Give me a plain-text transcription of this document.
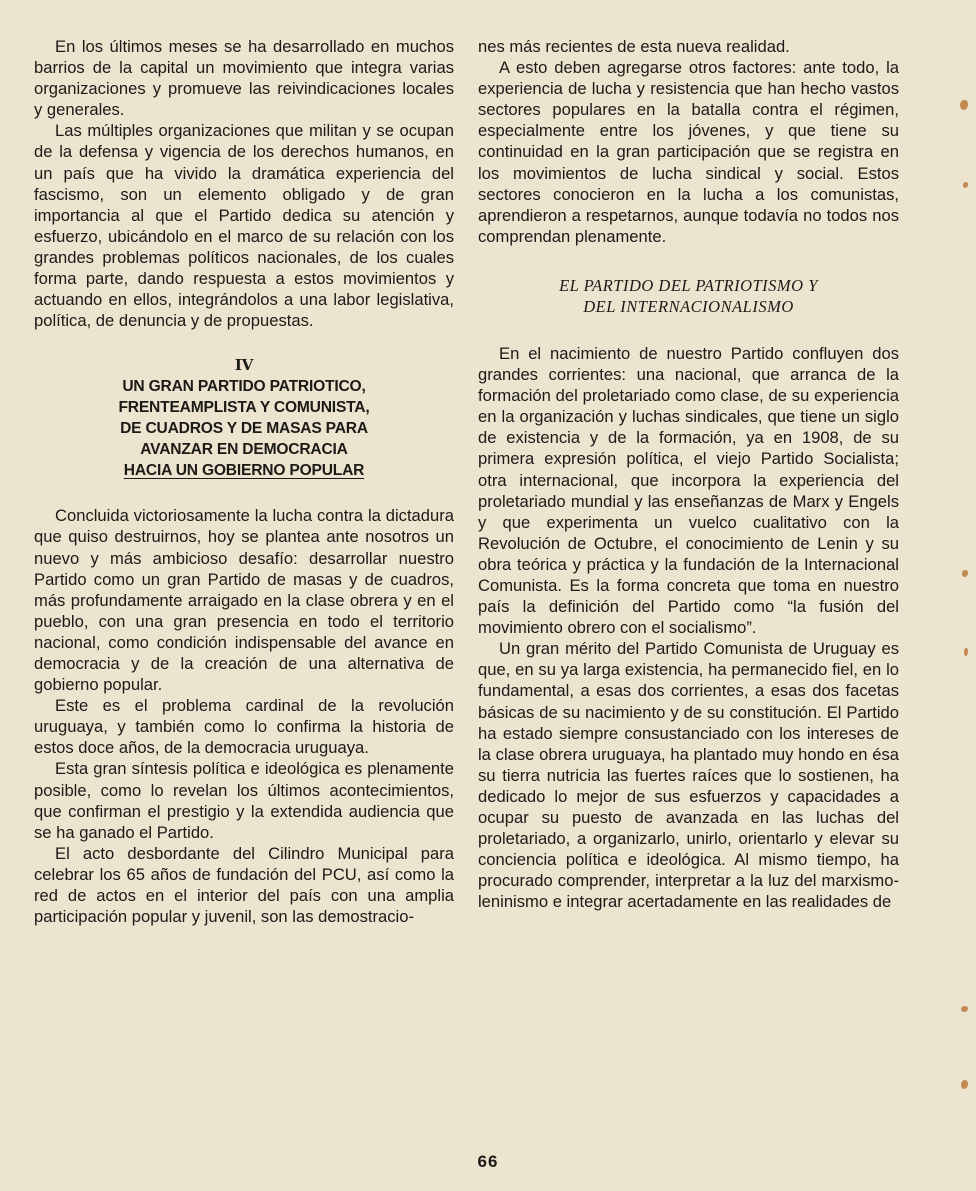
En los últimos meses se ha desarrollado en muchos barrios de la capital un movimiento que integra varias organizaciones y promueve las reivindicaciones locales y generales.

Las múltiples organizaciones que militan y se ocupan de la defensa y vigencia de los derechos humanos, en un país que ha vivido la dramática experiencia del fascismo, son un elemento obligado y de gran importancia al que el Partido dedica su atención y esfuerzo, ubicándolo en el marco de su relación con los grandes problemas políticos nacionales, de los cuales forma parte, dando respuesta a estos movimientos y actuando en ellos, integrándolos a una labor legislativa, política, de denuncia y de propuestas.

IV
UN GRAN PARTIDO PATRIOTICO,
FRENTEAMPLISTA Y COMUNISTA,
DE CUADROS Y DE MASAS PARA
AVANZAR EN DEMOCRACIA
HACIA UN GOBIERNO POPULAR

Concluida victoriosamente la lucha contra la dictadura que quiso destruirnos, hoy se plantea ante nosotros un nuevo y más ambicioso desafío: desarrollar nuestro Partido como un gran Partido de masas y de cuadros, más profundamente arraigado en la clase obrera y en el pueblo, con una gran presencia en todo el territorio nacional, como condición indispensable del avance en democracia y de la creación de una alternativa de gobierno popular.

Este es el problema cardinal de la revolución uruguaya, y también como lo confirma la historia de estos doce años, de la democracia uruguaya.

Esta gran síntesis política e ideológica es plenamente posible, como lo revelan los últimos acontecimientos, que confirman el prestigio y la extendida audiencia que se ha ganado el Partido.

El acto desbordante del Cilindro Municipal para celebrar los 65 años de fundación del PCU, así como la red de actos en el interior del país con una amplia participación popular y juvenil, son las demostracio-

nes más recientes de esta nueva realidad.

A esto deben agregarse otros factores: ante todo, la experiencia de lucha y resistencia que han hecho vastos sectores populares en la batalla contra el régimen, especialmente entre los jóvenes, y que tiene su continuidad en la gran participación que se registra en los movimientos de lucha sindical y social. Estos sectores conocieron en la lucha a los comunistas, aprendieron a respetarnos, aunque todavía no todos nos comprendan plenamente.

EL PARTIDO DEL PATRIOTISMO Y
DEL INTERNACIONALISMO

En el nacimiento de nuestro Partido confluyen dos grandes corrientes: una nacional, que arranca de la formación del proletariado como clase, de su experiencia en la organización y luchas sindicales, que tiene un siglo de existencia y de la formación, ya en 1908, de su primera expresión política, el viejo Partido Socialista; otra internacional, que incorpora la experiencia del proletariado mundial y las enseñanzas de Marx y Engels y que experimenta un vuelco cualitativo con la Revolución de Octubre, el conocimiento de Lenin y su obra teórica y práctica y la fundación de la Internacional Comunista. Es la forma concreta que toma en nuestro país la definición del Partido como “la fusión del movimiento obrero con el socialismo”.

Un gran mérito del Partido Comunista de Uruguay es que, en su ya larga existencia, ha permanecido fiel, en lo fundamental, a esas dos corrientes, a esas dos facetas básicas de su nacimiento y de su constitución. El Partido ha estado siempre consustanciado con los intereses de la clase obrera uruguaya, ha plantado muy hondo en ésa su tierra nutricia las fuertes raíces que lo sostienen, ha dedicado lo mejor de sus esfuerzos y capacidades a ocupar su puesto de avanzada en las luchas del proletariado, a organizarlo, unirlo, orientarlo y elevar su conciencia política e ideológica. Al mismo tiempo, ha procurado comprender, interpretar a la luz del marxismo-leninismo e integrar acertadamente en las realidades de

66
